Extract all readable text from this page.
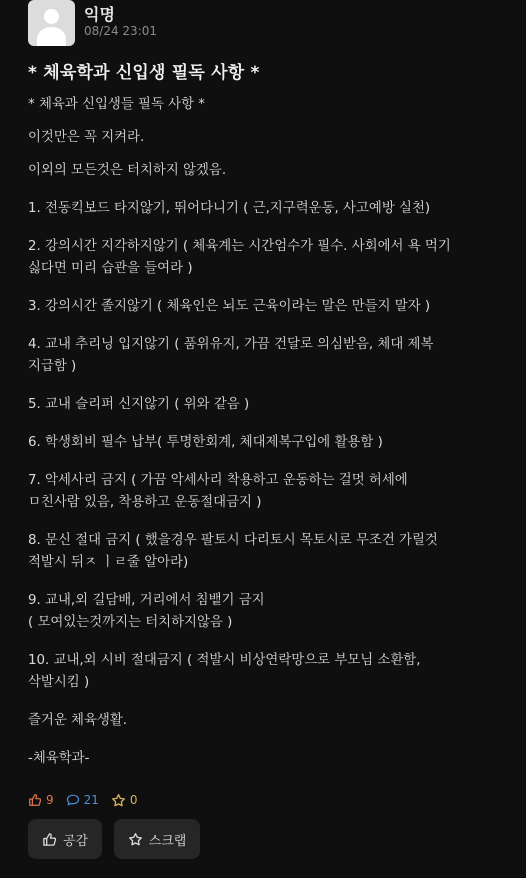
익명
08/24 23:01
* 체육학과 신입생 필독 사항 *

* 체육과 신입생들 필독 사항 *

이것만은 꼭 지켜라.

이외의 모든것은 터치하지 않겠음.

1. 전동킥보드 타지않기, 뛰어다니기 ( 근,지구력운동, 사고예방 실천)

2. 강의시간 지각하지않기 ( 체육계는 시간엄수가 필수. 사회에서 욕 먹기

싫다면 미리 습관을 들여라 )

3. 강의시간 졸지않기 ( 체육인은 뇌도 근육이라는 말은 만들지 말자 )

4. 교내 추리닝 입지않기 ( 품위유지, 가끔 건달로 의심받음, 체대 제복

지급함 )

5. 교내 슬리퍼 신지않기 ( 위와 같음 )

6. 학생회비 필수 납부( 투명한회계, 체대제복구입에 활용함 )

7. 악세사리 금지 ( 가끔 악세사리 착용하고 운동하는 걸멋 허세에

ㅁ친사람 있음, 착용하고 운동절대금지 )

8. 문신 절대 금지 ( 했을경우 팔토시 다리토시 목토시로 무조건 가릴것

적발시 뒤ㅈ ㅣㄹ줄 알아라)

9. 교내,외 길담배, 거리에서 침뱉기 금지

( 모여있는것까지는 터치하지않음 )

10. 교내,외 시비 절대금지 ( 적발시 비상연락망으로 부모님 소환함,

삭발시킴 )

즐거운 체육생활.

-체육학과-

9	21	0
공감	스크랩
